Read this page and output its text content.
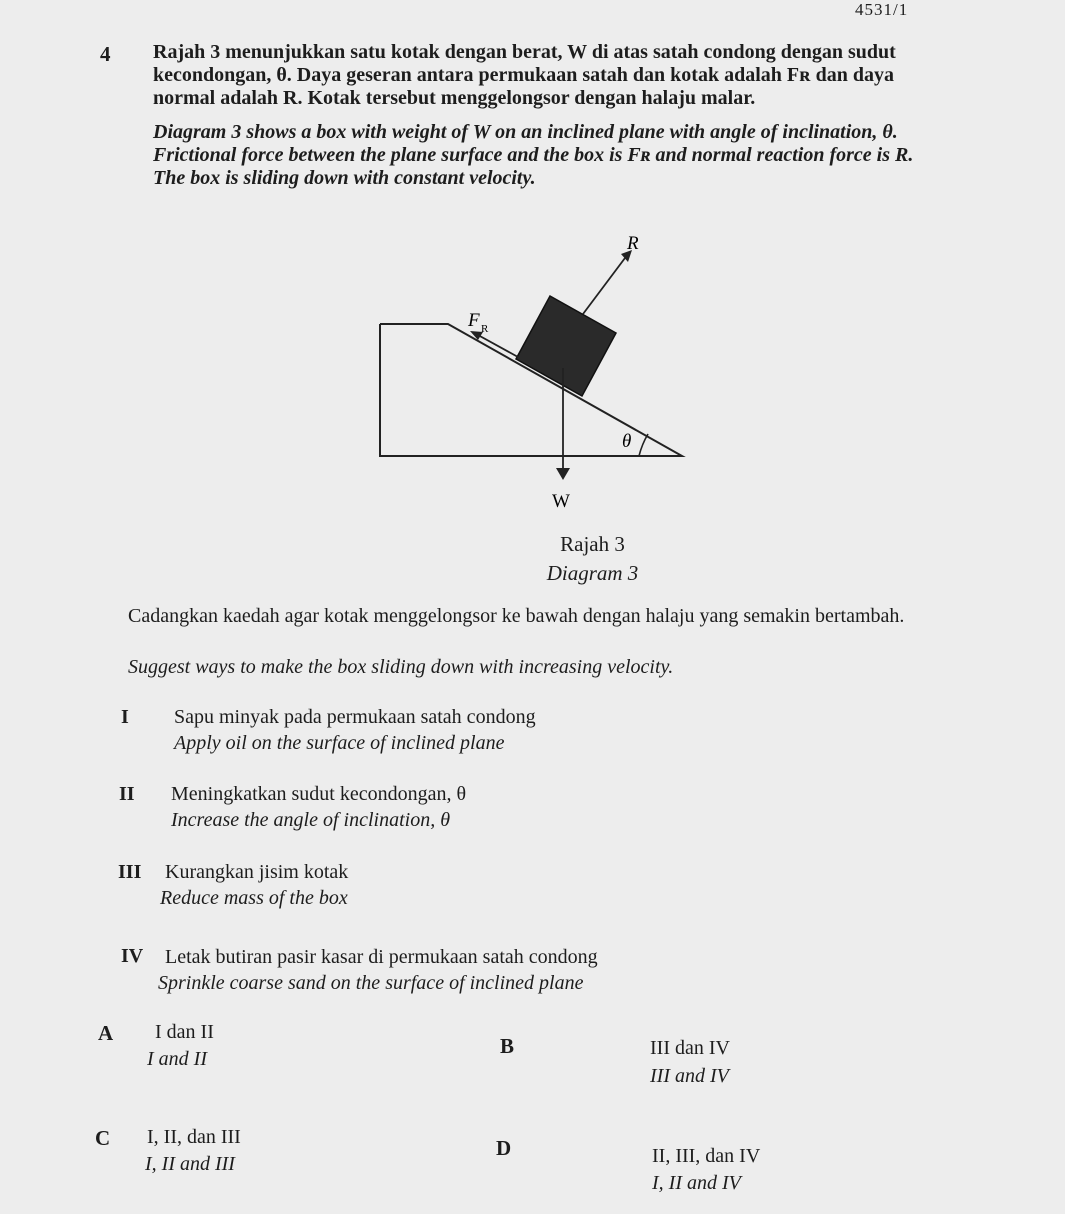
4531/1
4 Rajah 3 menunjukkan satu kotak dengan berat, W di atas satah condong dengan sudut kecondongan, θ. Daya geseran antara permukaan satah dan kotak adalah Fʀ dan daya normal adalah R. Kotak tersebut menggelongsor dengan halaju malar.
Diagram 3 shows a box with weight of W on an inclined plane with angle of inclination, θ. Frictional force between the plane surface and the box is Fʀ and normal reaction force is R. The box is sliding down with constant velocity.
R
F R
θ
W
Rajah 3
Diagram 3
Cadangkan kaedah agar kotak menggelongsor ke bawah dengan halaju yang semakin bertambah.
Suggest ways to make the box sliding down with increasing velocity.
I Sapu minyak pada permukaan satah condong
Apply oil on the surface of inclined plane
II Meningkatkan sudut kecondongan, θ
Increase the angle of inclination, θ
III Kurangkan jisim kotak
Reduce mass of the box
IV Letak butiran pasir kasar di permukaan satah condong
Sprinkle coarse sand on the surface of inclined plane
A I dan II
I and II
B	III dan IV
III and IV
C I, II, dan III
I, II and III
D	II, III, dan IV
I, II and IV
